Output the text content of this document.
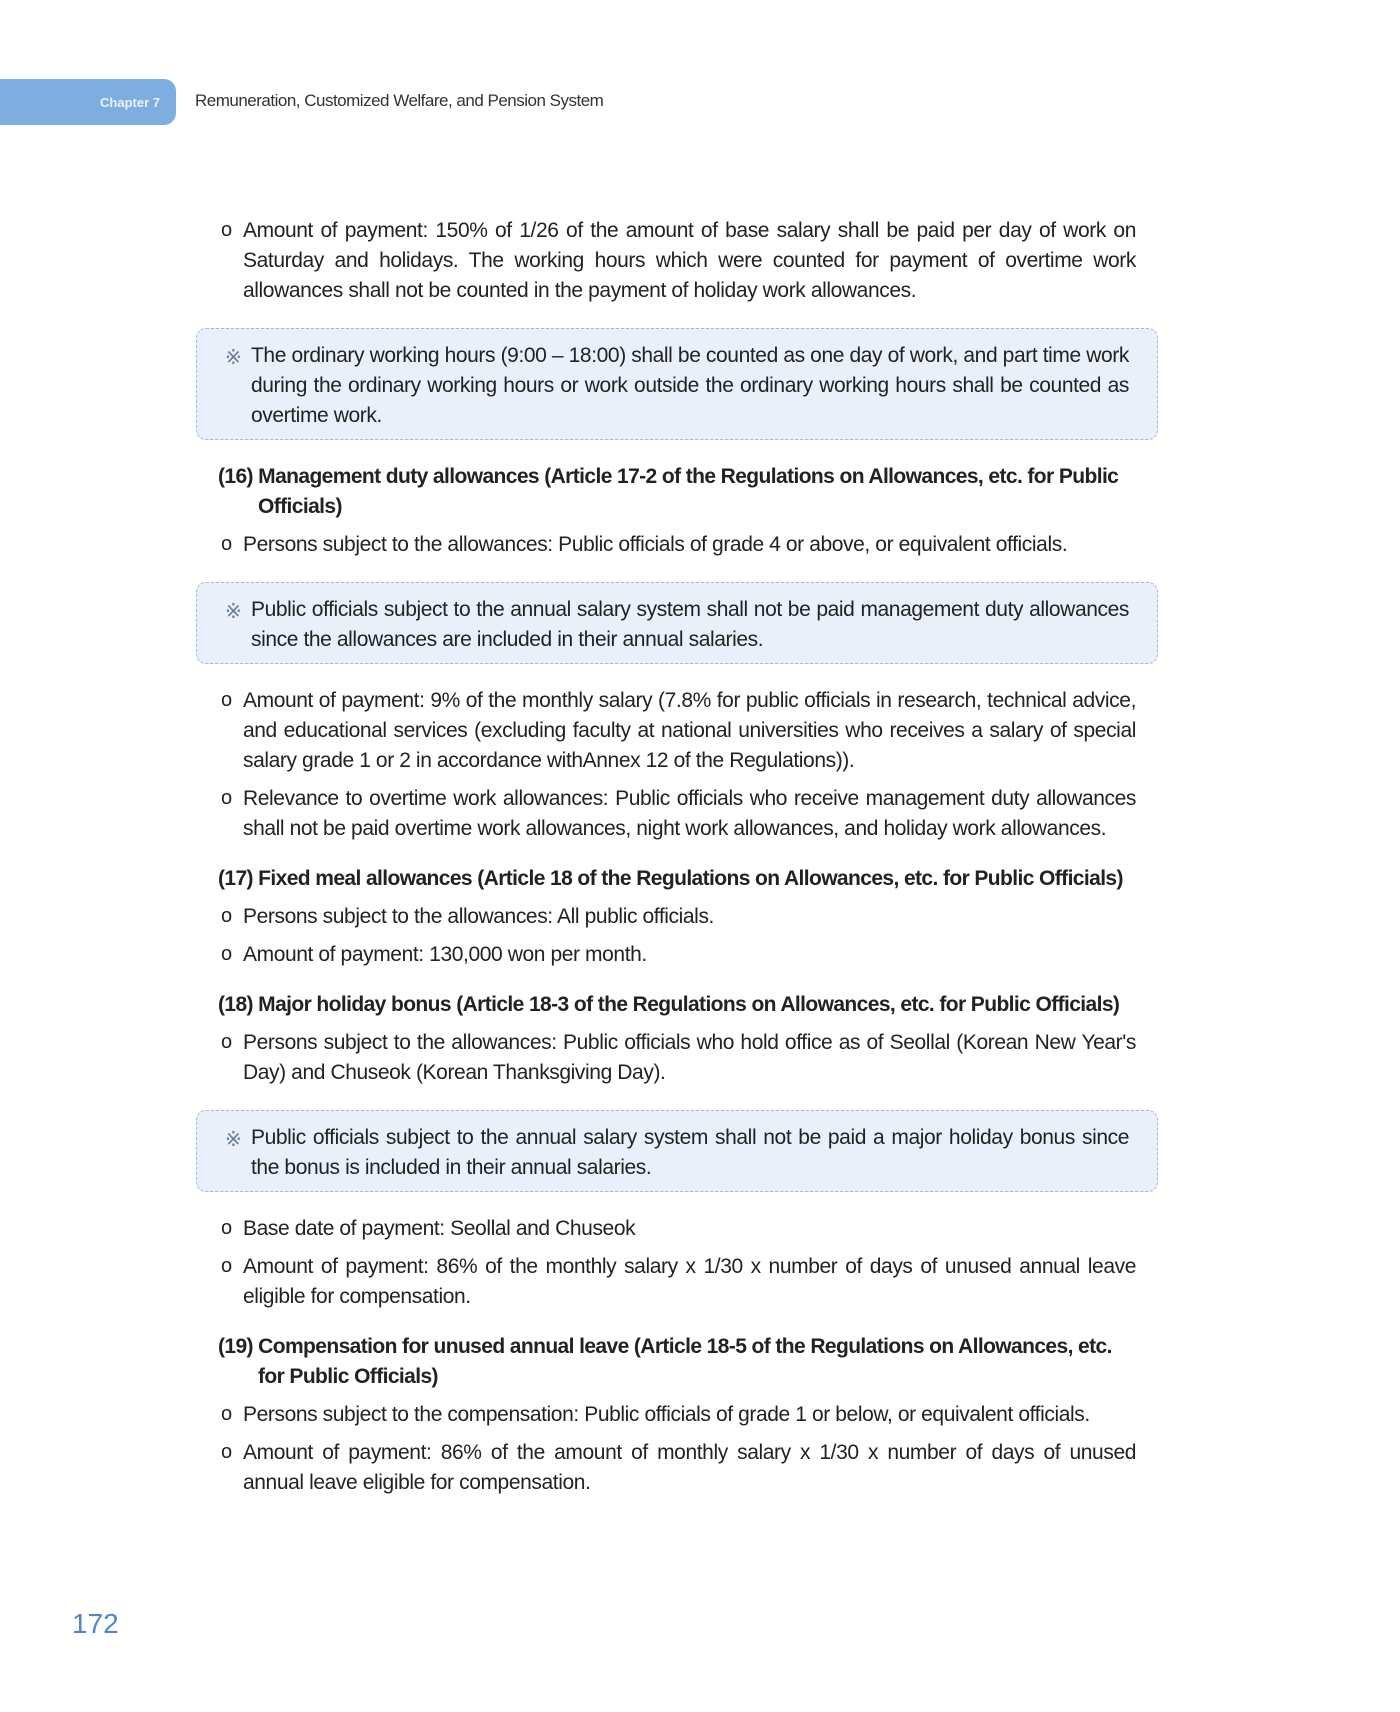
Chapter 7 Remuneration, Customized Welfare, and Pension System

o Amount of payment: 150% of 1/26 of the amount of base salary shall be paid per day of work on Saturday and holidays. The working hours which were counted for payment of overtime work allowances shall not be counted in the payment of holiday work allowances.

※ The ordinary working hours (9:00 – 18:00) shall be counted as one day of work, and part time work during the ordinary working hours or work outside the ordinary working hours shall be counted as overtime work.

(16) Management duty allowances (Article 17-2 of the Regulations on Allowances, etc. for Public Officials)

o Persons subject to the allowances: Public officials of grade 4 or above, or equivalent officials.

※ Public officials subject to the annual salary system shall not be paid management duty allowances since the allowances are included in their annual salaries.

o Amount of payment: 9% of the monthly salary (7.8% for public officials in research, technical advice, and educational services (excluding faculty at national universities who receives a salary of special salary grade 1 or 2 in accordance withAnnex 12 of the Regulations)).

o Relevance to overtime work allowances: Public officials who receive management duty allowances shall not be paid overtime work allowances, night work allowances, and holiday work allowances.

(17) Fixed meal allowances (Article 18 of the Regulations on Allowances, etc. for Public Officials)

o Persons subject to the allowances: All public officials.

o Amount of payment: 130,000 won per month.

(18) Major holiday bonus (Article 18-3 of the Regulations on Allowances, etc. for Public Officials)

o Persons subject to the allowances: Public officials who hold office as of Seollal (Korean New Year's Day) and Chuseok (Korean Thanksgiving Day).

※ Public officials subject to the annual salary system shall not be paid a major holiday bonus since the bonus is included in their annual salaries.

o Base date of payment: Seollal and Chuseok

o Amount of payment: 86% of the monthly salary x 1/30 x number of days of unused annual leave eligible for compensation.

(19) Compensation for unused annual leave (Article 18-5 of the Regulations on Allowances, etc. for Public Officials)

o Persons subject to the compensation: Public officials of grade 1 or below, or equivalent officials.

o Amount of payment: 86% of the amount of monthly salary x 1/30 x number of days of unused annual leave eligible for compensation.

172
